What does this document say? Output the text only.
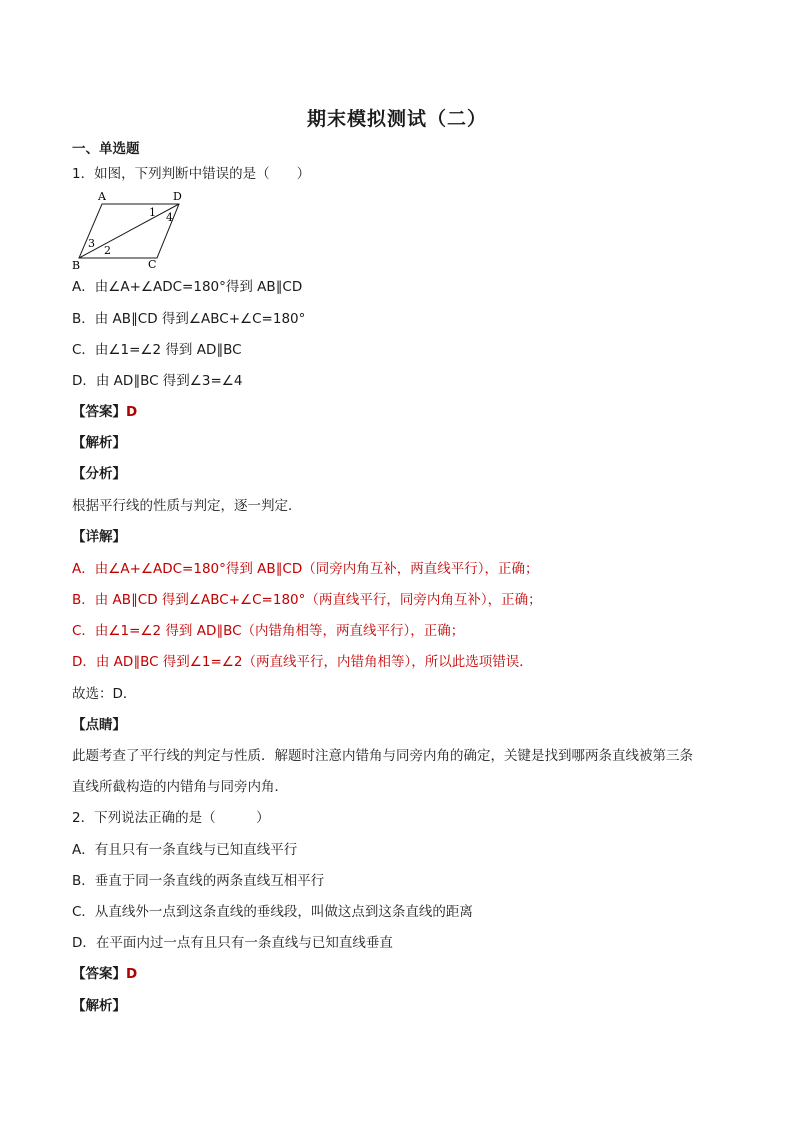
期末模拟测试（二）
一、单选题
1．如图，下列判断中错误的是（　　）
A	D
B	C
1
2
3
4
A．由∠A+∠ADC=180°得到 AB∥CD
B．由 AB∥CD 得到∠ABC+∠C=180°
C．由∠1=∠2 得到 AD∥BC
D．由 AD∥BC 得到∠3=∠4
【答案】D
【解析】
【分析】
根据平行线的性质与判定，逐一判定．
【详解】
A．由∠A+∠ADC=180°得到 AB∥CD（同旁内角互补，两直线平行），正确；
B．由 AB∥CD 得到∠ABC+∠C=180°（两直线平行，同旁内角互补），正确；
C．由∠1=∠2 得到 AD∥BC（内错角相等，两直线平行），正确；
D．由 AD∥BC 得到∠1=∠2（两直线平行，内错角相等），所以此选项错误．
故选：D．
【点睛】
此题考查了平行线的判定与性质．解题时注意内错角与同旁内角的确定，关键是找到哪两条直线被第三条
直线所截构造的内错角与同旁内角．
2．下列说法正确的是（　　　）
A．有且只有一条直线与已知直线平行
B．垂直于同一条直线的两条直线互相平行
C．从直线外一点到这条直线的垂线段，叫做这点到这条直线的距离
D．在平面内过一点有且只有一条直线与已知直线垂直
【答案】D
【解析】
